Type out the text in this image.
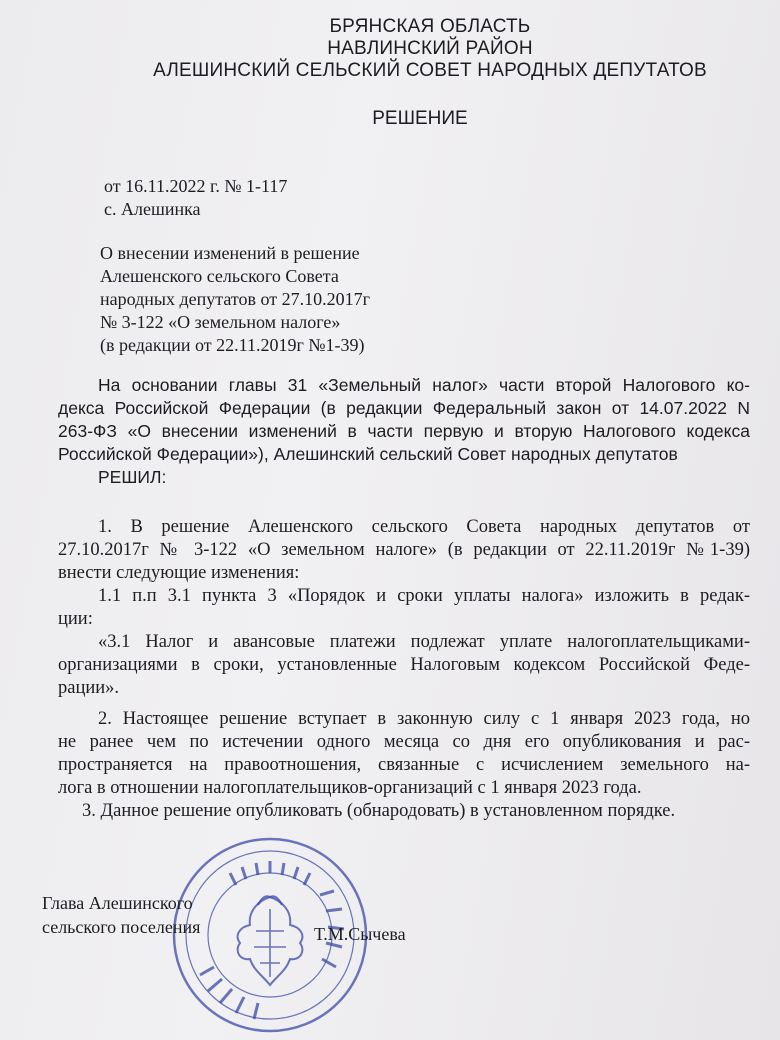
БРЯНСКАЯ ОБЛАСТЬ
НАВЛИНСКИЙ РАЙОН
АЛЕШИНСКИЙ СЕЛЬСКИЙ СОВЕТ НАРОДНЫХ ДЕПУТАТОВ
РЕШЕНИЕ
от 16.11.2022 г. № 1-117
с. Алешинка
О внесении изменений в решение
Алешенского сельского Совета
народных депутатов от 27.10.2017г
№ 3-122 «О земельном налоге»
(в редакции от 22.11.2019г №1-39)
На основании главы 31 «Земельный налог» части второй Налогового ко-
декса Российской Федерации (в редакции Федеральный закон от 14.07.2022 N
263-ФЗ «О внесении изменений в части первую и вторую Налогового кодекса
Российской Федерации»), Алешинский сельский Совет народных депутатов
РЕШИЛ:
1. В решение Алешенского сельского Совета народных депутатов от
27.10.2017г № 3-122 «О земельном налоге» (в редакции от 22.11.2019г №1-39)
внести следующие изменения:
1.1 п.п 3.1 пункта 3 «Порядок и сроки уплаты налога» изложить в редак-
ции:
«3.1 Налог и авансовые платежи подлежат уплате налогоплательщиками-
организациями в сроки, установленные Налоговым кодексом Российской Феде-
рации».
2. Настоящее решение вступает в законную силу с 1 января 2023 года, но
не ранее чем по истечении одного месяца со дня его опубликования и рас-
пространяется на правоотношения, связанные с исчислением земельного на-
лога в отношении налогоплательщиков-организаций с 1 января 2023 года.
3. Данное решение опубликовать (обнародовать) в установленном порядке.
Глава Алешинского
сельского поселения	Т.М.Сычева
